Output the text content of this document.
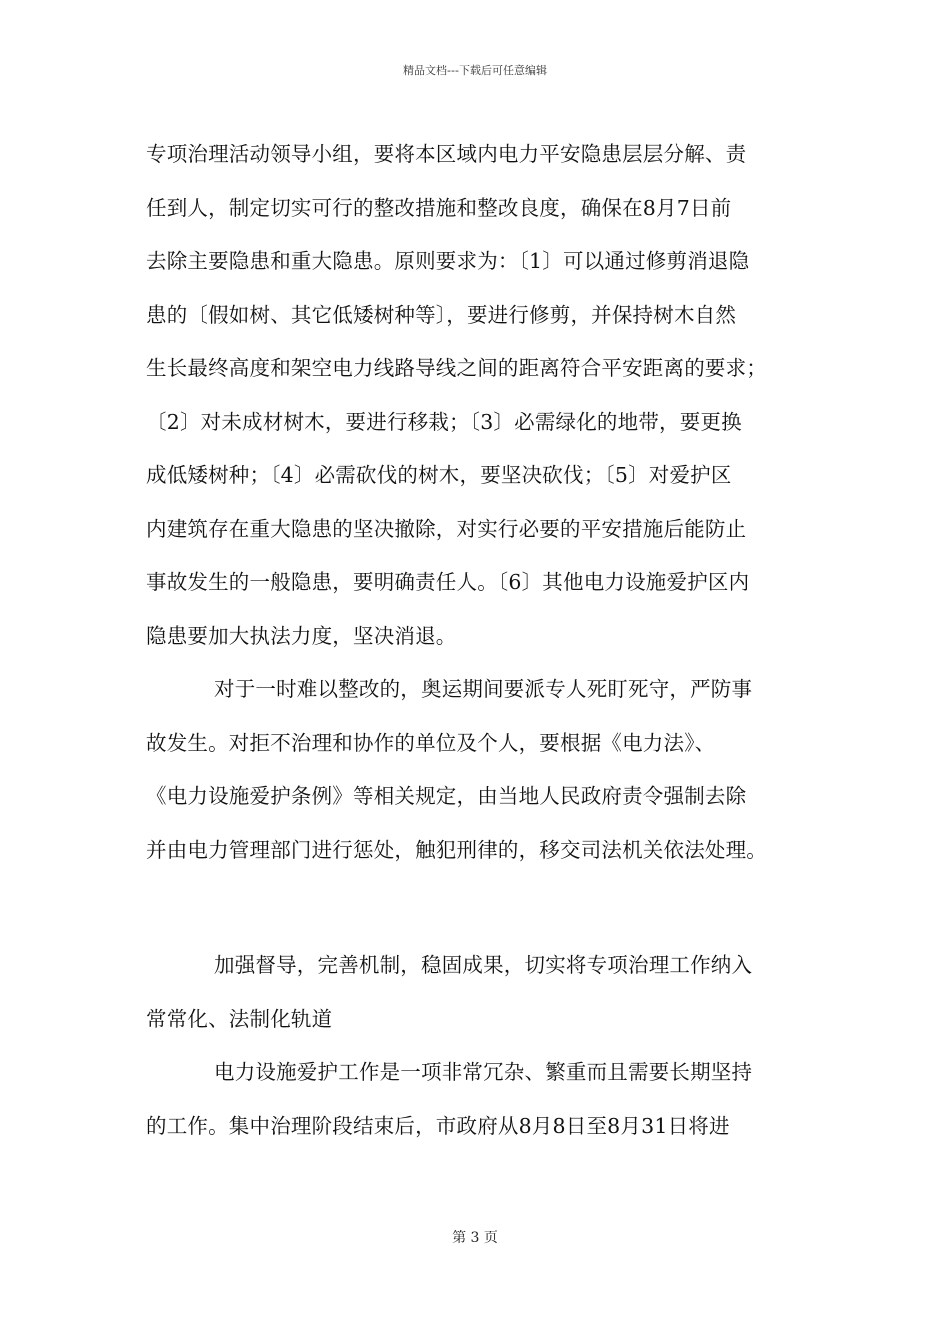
精品文档---下载后可任意编辑
专项治理活动领导小组，要将本区域内电力平安隐患层层分解、责
任到人，制定切实可行的整改措施和整改良度，确保在8月7日前
去除主要隐患和重大隐患。原则要求为：〔1〕可以通过修剪消退隐
患的〔假如树、其它低矮树种等〕，要进行修剪，并保持树木自然
生长最终高度和架空电力线路导线之间的距离符合平安距离的要求；
〔2〕对未成材树木，要进行移栽；〔3〕必需绿化的地带，要更换
成低矮树种；〔4〕必需砍伐的树木，要坚决砍伐；〔5〕对爱护区
内建筑存在重大隐患的坚决撤除，对实行必要的平安措施后能防止
事故发生的一般隐患，要明确责任人。〔6〕其他电力设施爱护区内
隐患要加大执法力度，坚决消退。
对于一时难以整改的，奥运期间要派专人死盯死守，严防事
故发生。对拒不治理和协作的单位及个人，要根据《电力法》、
《电力设施爱护条例》等相关规定，由当地人民政府责令强制去除
并由电力管理部门进行惩处，触犯刑律的，移交司法机关依法处理。
加强督导，完善机制，稳固成果，切实将专项治理工作纳入
常常化、法制化轨道
电力设施爱护工作是一项非常冗杂、繁重而且需要长期坚持
的工作。集中治理阶段结束后，市政府从8月8日至8月31日将进
第 3 页
